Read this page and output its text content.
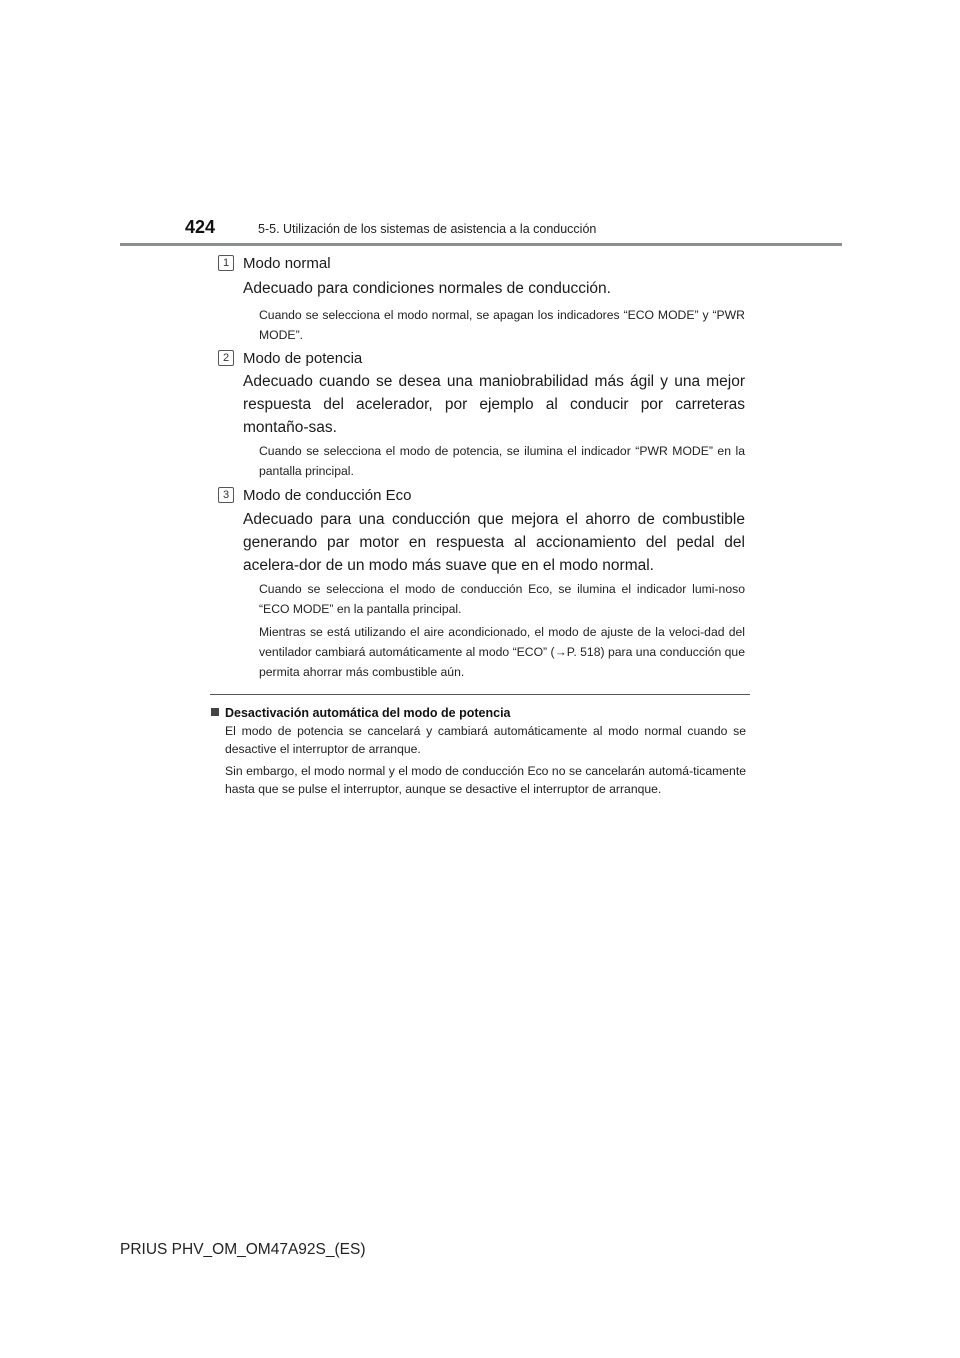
424	5-5. Utilización de los sistemas de asistencia a la conducción
1 Modo normal
Adecuado para condiciones normales de conducción.
Cuando se selecciona el modo normal, se apagan los indicadores “ECO MODE” y “PWR MODE”.
2 Modo de potencia
Adecuado cuando se desea una maniobrabilidad más ágil y una mejor respuesta del acelerador, por ejemplo al conducir por carreteras montaño-sas.
Cuando se selecciona el modo de potencia, se ilumina el indicador “PWR MODE” en la pantalla principal.
3 Modo de conducción Eco
Adecuado para una conducción que mejora el ahorro de combustible generando par motor en respuesta al accionamiento del pedal del acelera-dor de un modo más suave que en el modo normal.
Cuando se selecciona el modo de conducción Eco, se ilumina el indicador lumi-noso “ECO MODE” en la pantalla principal.
Mientras se está utilizando el aire acondicionado, el modo de ajuste de la veloci-dad del ventilador cambiará automáticamente al modo “ECO” (→P. 518) para una conducción que permita ahorrar más combustible aún.
Desactivación automática del modo de potencia

El modo de potencia se cancelará y cambiará automáticamente al modo normal cuando se desactive el interruptor de arranque.

Sin embargo, el modo normal y el modo de conducción Eco no se cancelarán automá-ticamente hasta que se pulse el interruptor, aunque se desactive el interruptor de arranque.

PRIUS PHV_OM_OM47A92S_(ES)
